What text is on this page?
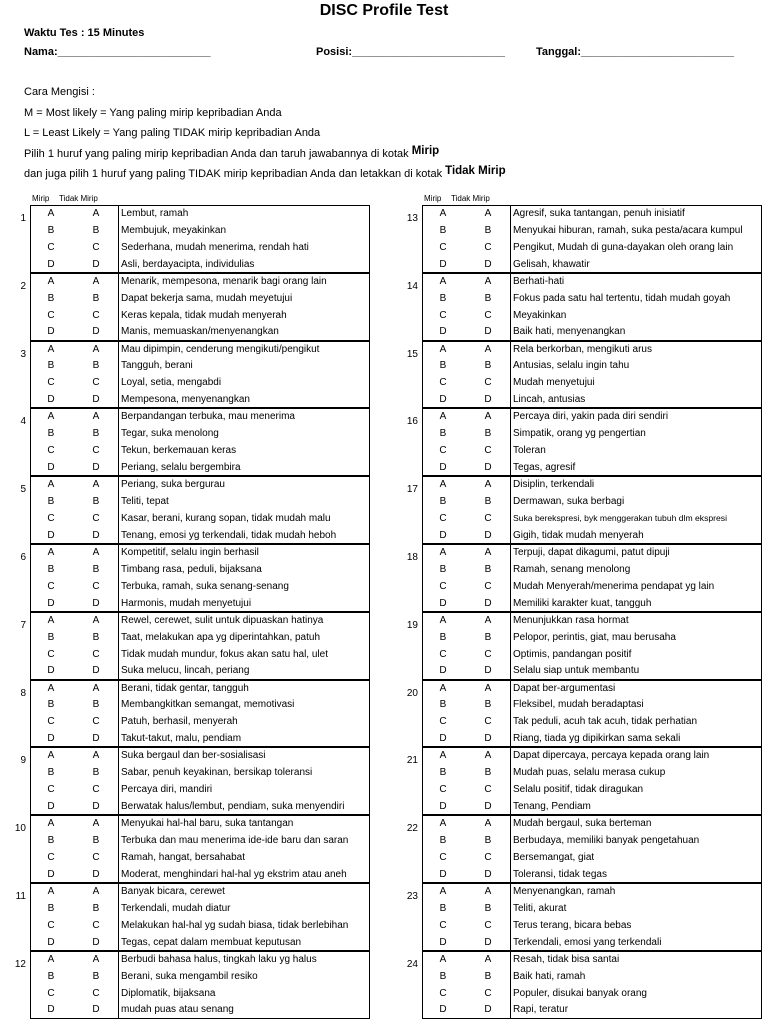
DISC Profile Test
Waktu Tes : 15 Minutes
Nama:_________________________	Posisi:_________________________	Tanggal:_________________________
Cara Mengisi :
M = Most likely = Yang paling mirip kepribadian Anda
L = Least Likely = Yang paling TIDAK mirip kepribadian Anda
Pilih 1 huruf yang paling mirip kepribadian Anda dan taruh jawabannya di kotak Mirip
dan juga pilih 1 huruf yang paling TIDAK mirip kepribadian Anda dan letakkan di kotak Tidak Mirip
Mirip Tidak Mirip	Mirip Tidak Mirip
1 A	A Lembut, ramah
B	B Membujuk, meyakinkan
C	C Sederhana, mudah menerima, rendah hati
D	D Asli, berdayacipta, individulias
2 A	A Menarik, mempesona, menarik bagi orang lain
B	B Dapat bekerja sama, mudah meyetujui
C	C Keras kepala, tidak mudah menyerah
D	D Manis, memuaskan/menyenangkan
3 A	A Mau dipimpin, cenderung mengikuti/pengikut
B	B Tangguh, berani
C	C Loyal, setia, mengabdi
D	D Mempesona, menyenangkan
4 A	A Berpandangan terbuka, mau menerima
B	B Tegar, suka menolong
C	C Tekun, berkemauan keras
D	D Periang, selalu bergembira
5 A	A Periang, suka bergurau
B	B Teliti, tepat
C	C Kasar, berani, kurang sopan, tidak mudah malu
D	D Tenang, emosi yg terkendali, tidak mudah heboh
6 A	A Kompetitif, selalu ingin berhasil
B	B Timbang rasa, peduli, bijaksana
C	C Terbuka, ramah, suka senang-senang
D	D Harmonis, mudah menyetujui
7 A	A Rewel, cerewet, sulit untuk dipuaskan hatinya
B	B Taat, melakukan apa yg diperintahkan, patuh
C	C Tidak mudah mundur, fokus akan satu hal, ulet
D	D Suka melucu, lincah, periang
8 A	A Berani, tidak gentar, tangguh
B	B Membangkitkan semangat, memotivasi
C	C Patuh, berhasil, menyerah
D	D Takut-takut, malu, pendiam
9 A	A Suka bergaul dan ber-sosialisasi
B	B Sabar, penuh keyakinan, bersikap toleransi
C	C Percaya diri, mandiri
D	D Berwatak halus/lembut, pendiam, suka menyendiri
10 A	A Menyukai hal-hal baru, suka tantangan
B	B Terbuka dan mau menerima ide-ide baru dan saran
C	C Ramah, hangat, bersahabat
D	D Moderat, menghindari hal-hal yg ekstrim atau aneh
11 A	A Banyak bicara, cerewet
B	B Terkendali, mudah diatur
C	C Melakukan hal-hal yg sudah biasa, tidak berlebihan
D	D Tegas, cepat dalam membuat keputusan
12 A	A Berbudi bahasa halus, tingkah laku yg halus
B	B Berani, suka mengambil resiko
C	C Diplomatik, bijaksana
D	D mudah puas atau senang
13 A	A Agresif, suka tantangan, penuh inisiatif
B	B Menyukai hiburan, ramah, suka pesta/acara kumpul
C	C Pengikut, Mudah di guna-dayakan oleh orang lain
D	D Gelisah, khawatir
14 A	A Berhati-hati
B	B Fokus pada satu hal tertentu, tidah mudah goyah
C	C Meyakinkan
D	D Baik hati, menyenangkan
15 A	A Rela berkorban, mengikuti arus
B	B Antusias, selalu ingin tahu
C	C Mudah menyetujui
D	D Lincah, antusias
16 A	A Percaya diri, yakin pada diri sendiri
B	B Simpatik, orang yg pengertian
C	C Toleran
D	D Tegas, agresif
17 A	A Disiplin, terkendali
B	B Dermawan, suka berbagi
C	C Suka berekspresi, byk menggerakan tubuh dlm ekspresi
D	D Gigih, tidak mudah menyerah
18 A	A Terpuji, dapat dikagumi, patut dipuji
B	B Ramah, senang menolong
C	C Mudah Menyerah/menerima pendapat yg lain
D	D Memiliki karakter kuat, tangguh
19 A	A Menunjukkan rasa hormat
B	B Pelopor, perintis, giat, mau berusaha
C	C Optimis, pandangan positif
D	D Selalu siap untuk membantu
20 A	A Dapat ber-argumentasi
B	B Fleksibel, mudah beradaptasi
C	C Tak peduli, acuh tak acuh, tidak perhatian
D	D Riang, tiada yg dipikirkan sama sekali
21 A	A Dapat dipercaya, percaya kepada orang lain
B	B Mudah puas, selalu merasa cukup
C	C Selalu positif, tidak diragukan
D	D Tenang, Pendiam
22 A	A Mudah bergaul, suka berteman
B	B Berbudaya, memiliki banyak pengetahuan
C	C Bersemangat, giat
D	D Toleransi, tidak tegas
23 A	A Menyenangkan, ramah
B	B Teliti, akurat
C	C Terus terang, bicara bebas
D	D Terkendali, emosi yang terkendali
24 A	A Resah, tidak bisa santai
B	B Baik hati, ramah
C	C Populer, disukai banyak orang
D	D Rapi, teratur
